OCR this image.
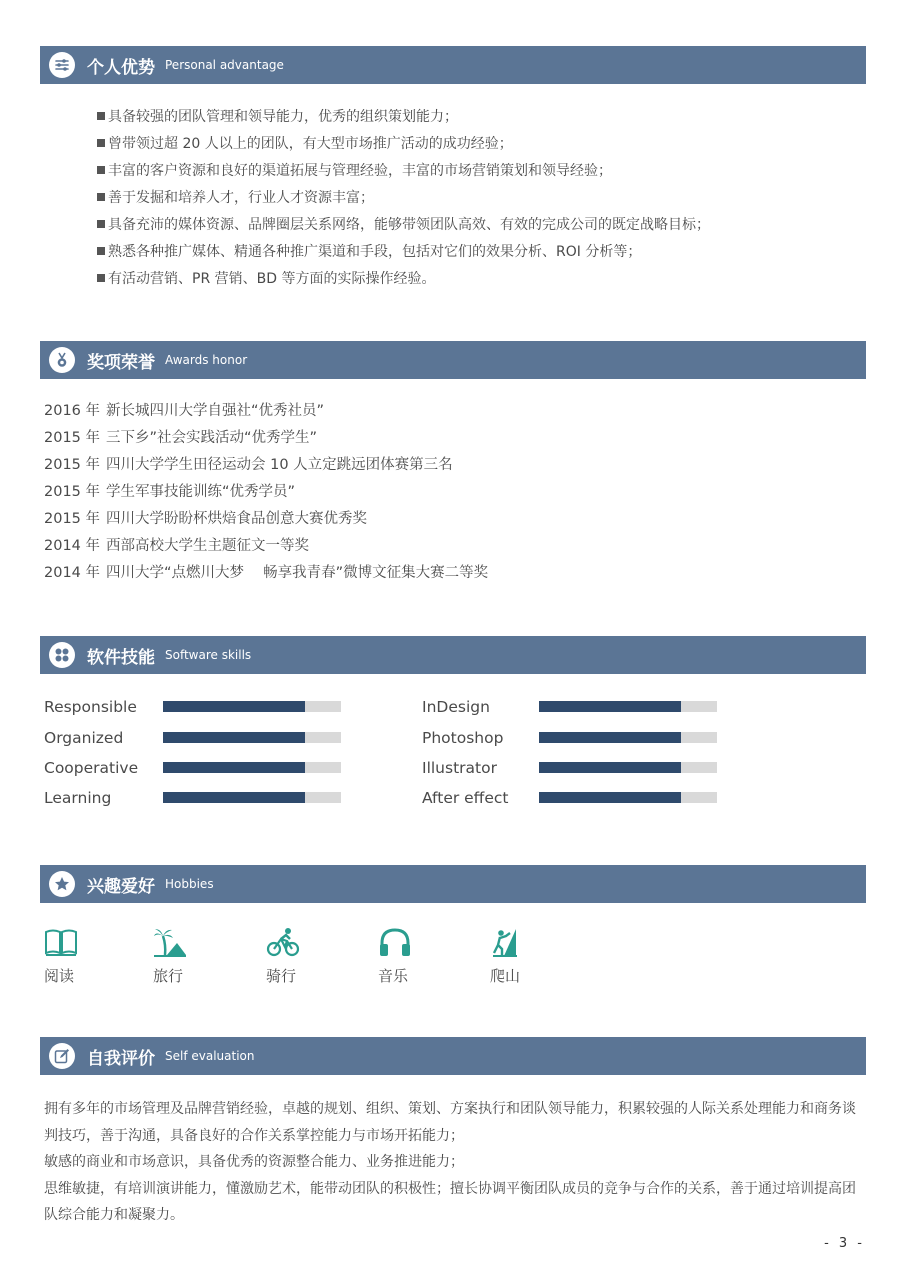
个人优势 Personal advantage
具备较强的团队管理和领导能力，优秀的组织策划能力；
曾带领过超 20 人以上的团队，有大型市场推广活动的成功经验；
丰富的客户资源和良好的渠道拓展与管理经验，丰富的市场营销策划和领导经验；
善于发掘和培养人才，行业人才资源丰富；
具备充沛的媒体资源、品牌圈层关系网络，能够带领团队高效、有效的完成公司的既定战略目标；
熟悉各种推广媒体、精通各种推广渠道和手段，包括对它们的效果分析、ROI 分析等；
有活动营销、PR 营销、BD 等方面的实际操作经验。
奖项荣誉 Awards honor
2016 年 新长城四川大学自强社“优秀社员”
2015 年 三下乡”社会实践活动“优秀学生”
2015 年 四川大学学生田径运动会 10 人立定跳远团体赛第三名
2015 年 学生军事技能训练“优秀学员”
2015 年 四川大学盼盼杯烘焙食品创意大赛优秀奖
2014 年 西部高校大学生主题征文一等奖
2014 年 四川大学“点燃川大梦　 畅享我青春”微博文征集大赛二等奖
软件技能 Software skills
Responsible
Organized
Cooperative
Learning
InDesign
Photoshop
Illustrator
After effect
兴趣爱好 Hobbies
阅读	旅行	骑行	音乐	爬山
自我评价 Self evaluation

拥有多年的市场管理及品牌营销经验，卓越的规划、组织、策划、方案执行和团队领导能力，积累较强的人际关系处理能力和商务谈判技巧，善于沟通，具备良好的合作关系掌控能力与市场开拓能力；

敏感的商业和市场意识，具备优秀的资源整合能力、业务推进能力；

思维敏捷，有培训演讲能力，懂激励艺术，能带动团队的积极性；擅长协调平衡团队成员的竞争与合作的关系，善于通过培训提高团队综合能力和凝聚力。

- 3 -
